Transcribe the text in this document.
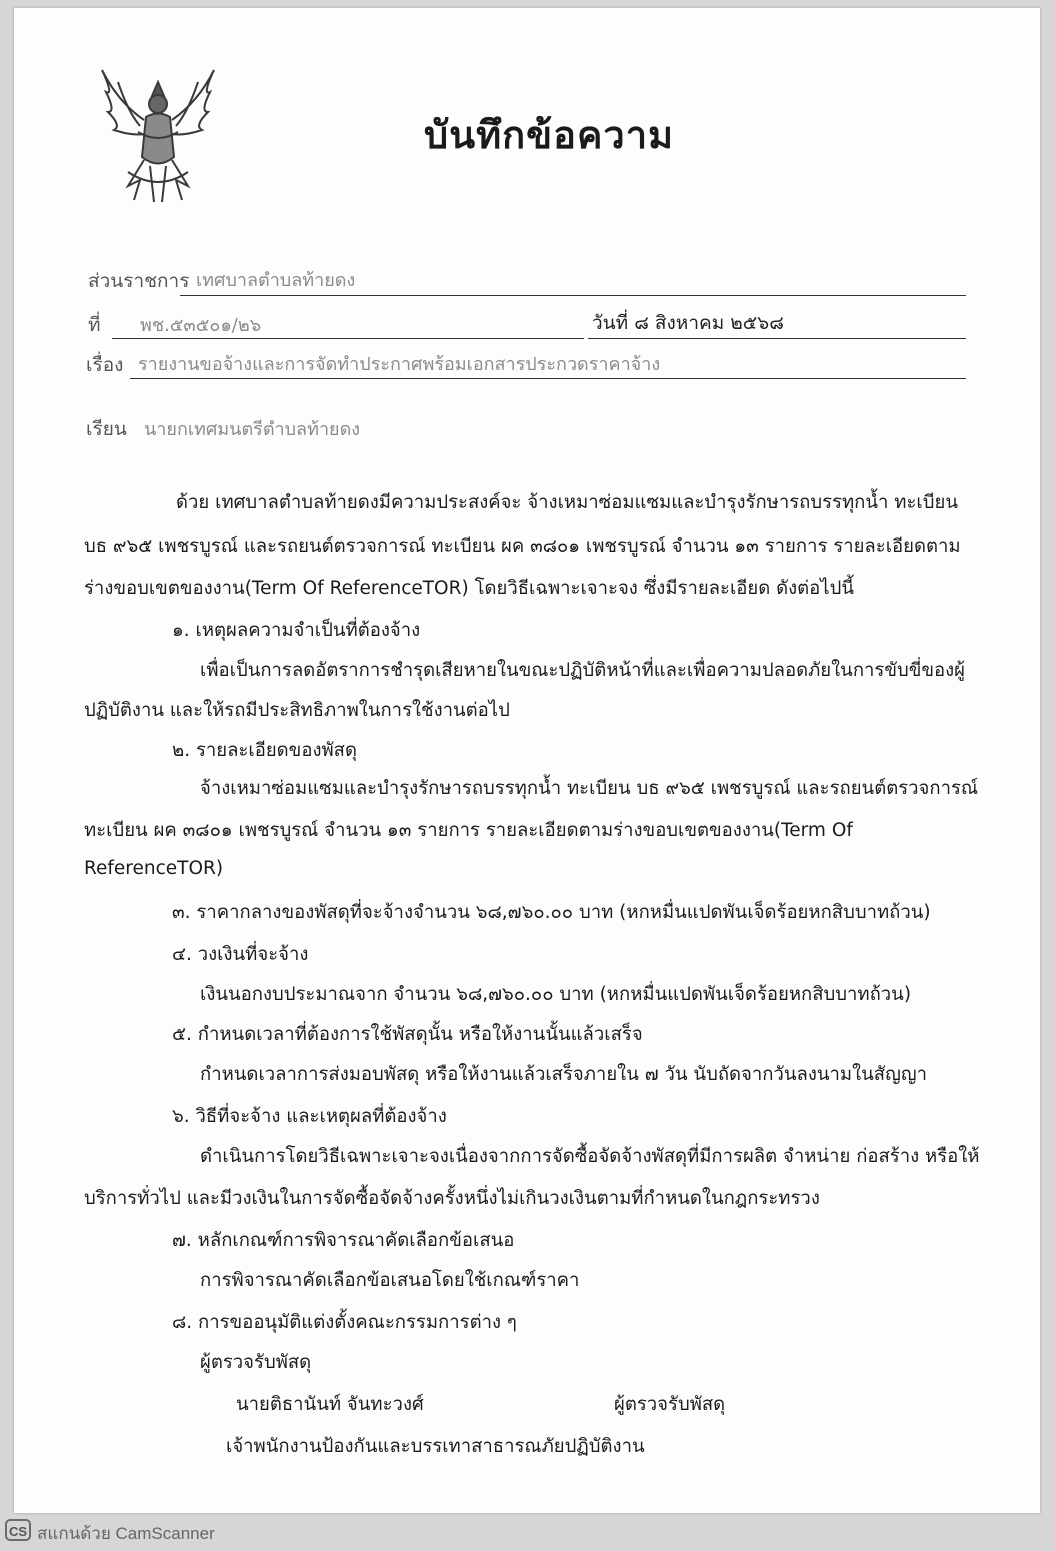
บันทึกข้อความ
ส่วนราชการ เทศบาลตำบลท้ายดง
ที่ พช.๕๓๕๐๑/๒๖	วันที่ ๘ สิงหาคม ๒๕๖๘
เรื่อง รายงานขอจ้างและการจัดทำประกาศพร้อมเอกสารประกวดราคาจ้าง
เรียน นายกเทศมนตรีตำบลท้ายดง
ด้วย เทศบาลตำบลท้ายดงมีความประสงค์จะ จ้างเหมาซ่อมแซมและบำรุงรักษารถบรรทุกน้ำ ทะเบียน
บธ ๙๖๕ เพชรบูรณ์ และรถยนต์ตรวจการณ์ ทะเบียน ผค ๓๘๐๑ เพชรบูรณ์ จำนวน ๑๓ รายการ รายละเอียดตาม
ร่างขอบเขตของงาน(Term Of ReferenceTOR) โดยวิธีเฉพาะเจาะจง ซึ่งมีรายละเอียด ดังต่อไปนี้
๑. เหตุผลความจำเป็นที่ต้องจ้าง
เพื่อเป็นการลดอัตราการชำรุดเสียหายในขณะปฏิบัติหน้าที่และเพื่อความปลอดภัยในการขับขี่ของผู้
ปฏิบัติงาน และให้รถมีประสิทธิภาพในการใช้งานต่อไป
๒. รายละเอียดของพัสดุ
จ้างเหมาซ่อมแซมและบำรุงรักษารถบรรทุกน้ำ ทะเบียน บธ ๙๖๕ เพชรบูรณ์ และรถยนต์ตรวจการณ์
ทะเบียน ผค ๓๘๐๑ เพชรบูรณ์ จำนวน ๑๓ รายการ รายละเอียดตามร่างขอบเขตของงาน(Term Of
ReferenceTOR)
๓. ราคากลางของพัสดุที่จะจ้างจำนวน ๖๘,๗๖๐.๐๐ บาท (หกหมื่นแปดพันเจ็ดร้อยหกสิบบาทถ้วน)
๔. วงเงินที่จะจ้าง
เงินนอกงบประมาณจาก จำนวน ๖๘,๗๖๐.๐๐ บาท (หกหมื่นแปดพันเจ็ดร้อยหกสิบบาทถ้วน)
๕. กำหนดเวลาที่ต้องการใช้พัสดุนั้น หรือให้งานนั้นแล้วเสร็จ
กำหนดเวลาการส่งมอบพัสดุ หรือให้งานแล้วเสร็จภายใน ๗ วัน นับถัดจากวันลงนามในสัญญา
๖. วิธีที่จะจ้าง และเหตุผลที่ต้องจ้าง
ดำเนินการโดยวิธีเฉพาะเจาะจงเนื่องจากการจัดซื้อจัดจ้างพัสดุที่มีการผลิต จำหน่าย ก่อสร้าง หรือให้
บริการทั่วไป และมีวงเงินในการจัดซื้อจัดจ้างครั้งหนึ่งไม่เกินวงเงินตามที่กำหนดในกฎกระทรวง
๗. หลักเกณฑ์การพิจารณาคัดเลือกข้อเสนอ
การพิจารณาคัดเลือกข้อเสนอโดยใช้เกณฑ์ราคา
๘. การขออนุมัติแต่งตั้งคณะกรรมการต่าง ๆ
ผู้ตรวจรับพัสดุ
นายติธานันท์ จันทะวงศ์	ผู้ตรวจรับพัสดุ
เจ้าพนักงานป้องกันและบรรเทาสาธารณภัยปฏิบัติงาน
CS สแกนด้วย CamScanner
